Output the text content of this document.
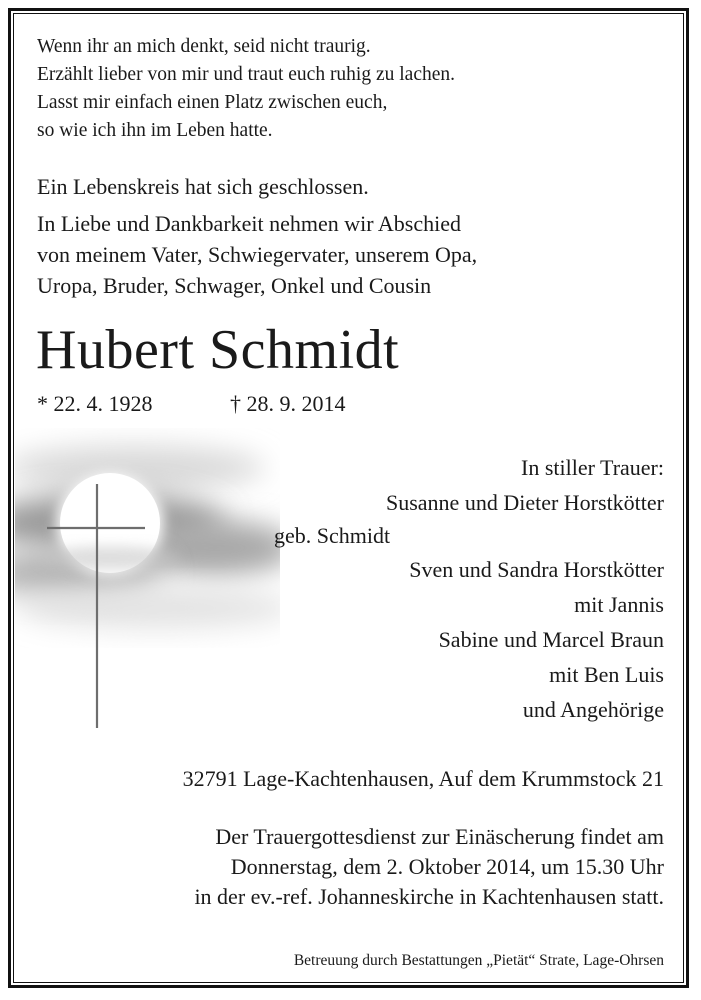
Wenn ihr an mich denkt, seid nicht traurig.
Erzählt lieber von mir und traut euch ruhig zu lachen.
Lasst mir einfach einen Platz zwischen euch,
so wie ich ihn im Leben hatte.
Ein Lebenskreis hat sich geschlossen.
In Liebe und Dankbarkeit nehmen wir Abschied
von meinem Vater, Schwiegervater, unserem Opa,
Uropa, Bruder, Schwager, Onkel und Cousin
Hubert Schmidt
* 22. 4. 1928	† 28. 9. 2014
In stiller Trauer:
Susanne und Dieter Horstkötter
geb. Schmidt
Sven und Sandra Horstkötter
mit Jannis
Sabine und Marcel Braun
mit Ben Luis
und Angehörige
32791 Lage-Kachtenhausen, Auf dem Krummstock 21
Der Trauergottesdienst zur Einäscherung findet am
Donnerstag, dem 2. Oktober 2014, um 15.30 Uhr
in der ev.-ref. Johanneskirche in Kachtenhausen statt.
Betreuung durch Bestattungen „Pietät“ Strate, Lage-Ohrsen
